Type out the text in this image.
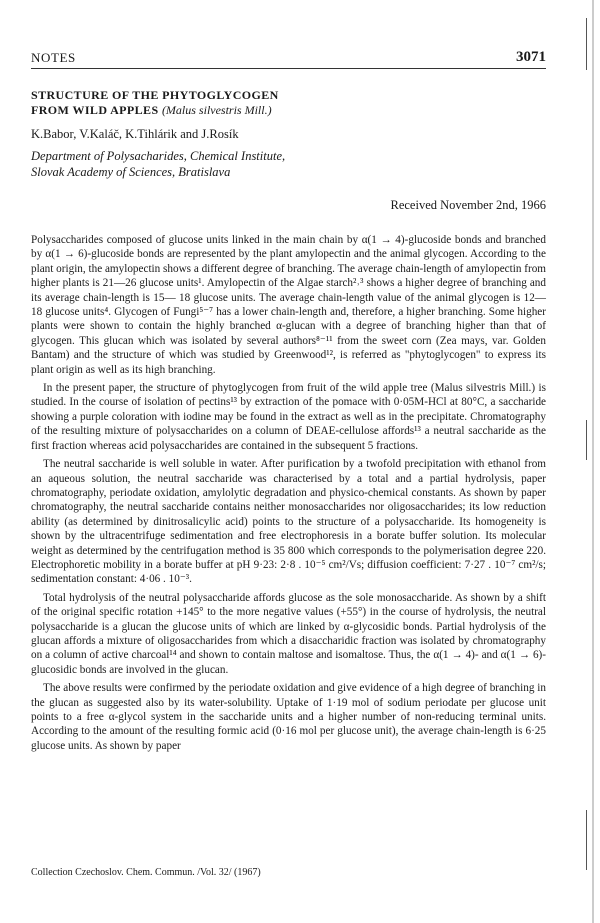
NOTES	3071
STRUCTURE OF THE PHYTOGLYCOGEN
FROM WILD APPLES (Malus silvestris Mill.)
K.Babor, V.Kaláč, K.Tihlárik and J.Rosík
Department of Polysacharides, Chemical Institute,
Slovak Academy of Sciences, Bratislava
Received November 2nd, 1966

Polysaccharides composed of glucose units linked in the main chain by α(1 → 4)-glucoside bonds and branched by α(1 → 6)-glucoside bonds are represented by the plant amylopectin and the animal glycogen. According to the plant origin, the amylopectin shows a different degree of branching. The average chain-length of amylopectin from higher plants is 21—26 glucose units¹. Amylopectin of the Algae starch²˒³ shows a higher degree of branching and its average chain-length is 15— 18 glucose units. The average chain-length value of the animal glycogen is 12—18 glucose units⁴. Glycogen of Fungi⁵⁻⁷ has a lower chain-length and, therefore, a higher branching. Some higher plants were shown to contain the highly branched α-glucan with a degree of branching higher than that of glycogen. This glucan which was isolated by several authors⁸⁻¹¹ from the sweet corn (Zea mays, var. Golden Bantam) and the structure of which was studied by Greenwood¹², is referred as "phytoglycogen" to express its plant origin as well as its high branching.

In the present paper, the structure of phytoglycogen from fruit of the wild apple tree (Malus silvestris Mill.) is studied. In the course of isolation of pectins¹³ by extraction of the pomace with 0·05M-HCl at 80°C, a saccharide showing a purple coloration with iodine may be found in the extract as well as in the precipitate. Chromatography of the resulting mixture of polysaccharides on a column of DEAE-cellulose affords¹³ a neutral saccharide as the first fraction whereas acid polysaccharides are contained in the subsequent 5 fractions.

The neutral saccharide is well soluble in water. After purification by a twofold precipitation with ethanol from an aqueous solution, the neutral saccharide was characterised by a total and a partial hydrolysis, paper chromatography, periodate oxidation, amylolytic degradation and physico-chemical constants. As shown by paper chromatography, the neutral saccharide contains neither monosaccharides nor oligosaccharides; its low reduction ability (as determined by dinitrosalicylic acid) points to the structure of a polysaccharide. Its homogeneity is shown by the ultracentrifuge sedimentation and free electrophoresis in a borate buffer solution. Its molecular weight as determined by the centrifugation method is 35 800 which corresponds to the polymerisation degree 220. Electrophoretic mobility in a borate buffer at pH 9·23: 2·8 . 10⁻⁵ cm²/Vs; diffusion coefficient: 7·27 . 10⁻⁷ cm²/s; sedimentation constant: 4·06 . 10⁻³.

Total hydrolysis of the neutral polysaccharide affords glucose as the sole monosaccharide. As shown by a shift of the original specific rotation +145° to the more negative values (+55°) in the course of hydrolysis, the neutral polysaccharide is a glucan the glucose units of which are linked by α-glycosidic bonds. Partial hydrolysis of the glucan affords a mixture of oligosaccharides from which a disaccharidic fraction was isolated by chromatography on a column of active charcoal¹⁴ and shown to contain maltose and isomaltose. Thus, the α(1 → 4)- and α(1 → 6)-glucosidic bonds are involved in the glucan.

The above results were confirmed by the periodate oxidation and give evidence of a high degree of branching in the glucan as suggested also by its water-solubility. Uptake of 1·19 mol of sodium periodate per glucose unit points to a free α-glycol system in the saccharide units and a higher number of non-reducing terminal units. According to the amount of the resulting formic acid (0·16 mol per glucose unit), the average chain-length is 6·25 glucose units. As shown by paper

Collection Czechoslov. Chem. Commun. /Vol. 32/ (1967)
